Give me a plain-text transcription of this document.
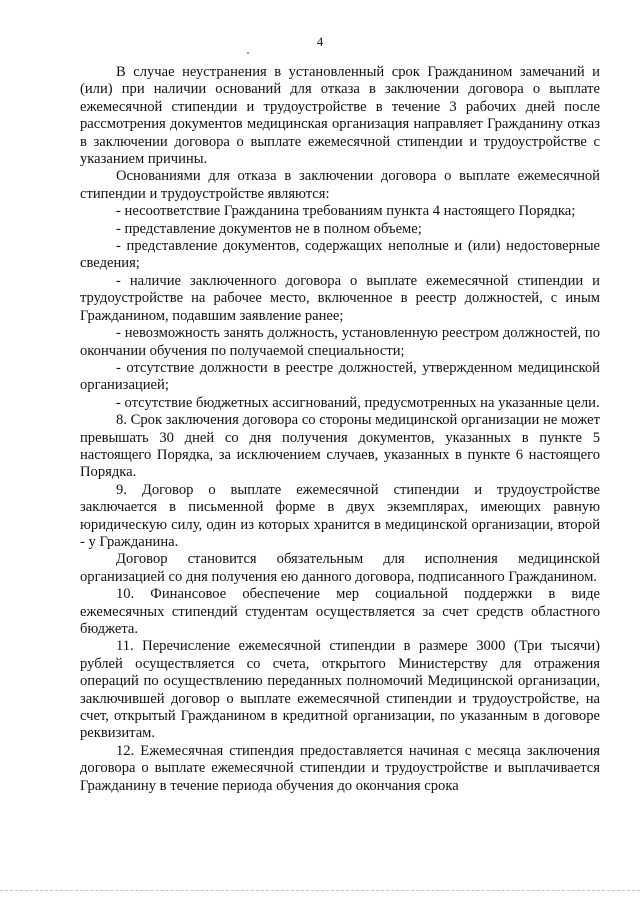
4

В случае неустранения в установленный срок Гражданином замечаний и (или) при наличии оснований для отказа в заключении договора о выплате ежемесячной стипендии и трудоустройстве в течение 3 рабочих дней после рассмотрения документов медицинская организация направляет Гражданину отказ в заключении договора о выплате ежемесячной стипендии и трудоустройстве с указанием причины.

Основаниями для отказа в заключении договора о выплате ежемесячной стипендии и трудоустройстве являются:

- несоответствие Гражданина требованиям пункта 4 настоящего Порядка;

- представление документов не в полном объеме;

- представление документов, содержащих неполные и (или) недостоверные сведения;

- наличие заключенного договора о выплате ежемесячной стипендии и трудоустройстве на рабочее место, включенное в реестр должностей, с иным Гражданином, подавшим заявление ранее;

- невозможность занять должность, установленную реестром должностей, по окончании обучения по получаемой специальности;

- отсутствие должности в реестре должностей, утвержденном медицинской организацией;

- отсутствие бюджетных ассигнований, предусмотренных на указанные цели.

8. Срок заключения договора со стороны медицинской организации не может превышать 30 дней со дня получения документов, указанных в пункте 5 настоящего Порядка, за исключением случаев, указанных в пункте 6 настоящего Порядка.

9. Договор о выплате ежемесячной стипендии и трудоустройстве заключается в письменной форме в двух экземплярах, имеющих равную юридическую силу, один из которых хранится в медицинской организации, второй - у Гражданина.

Договор становится обязательным для исполнения медицинской организацией со дня получения ею данного договора, подписанного Гражданином.

10. Финансовое обеспечение мер социальной поддержки в виде ежемесячных стипендий студентам осуществляется за счет средств областного бюджета.

11. Перечисление ежемесячной стипендии в размере 3000 (Три тысячи) рублей осуществляется со счета, открытого Министерству для отражения операций по осуществлению переданных полномочий Медицинской организации, заключившей договор о выплате ежемесячной стипендии и трудоустройстве, на счет, открытый Гражданином в кредитной организации, по указанным в договоре реквизитам.

12. Ежемесячная стипендия предоставляется начиная с месяца заключения договора о выплате ежемесячной стипендии и трудоустройстве и выплачивается Гражданину в течение периода обучения до окончания срока
